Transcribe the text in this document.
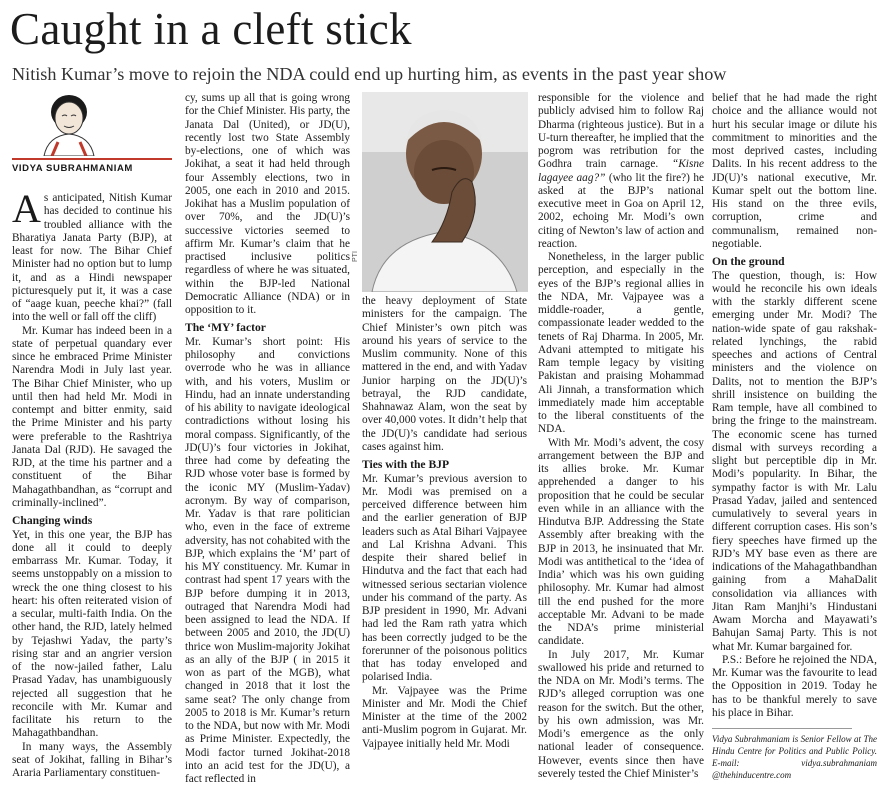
Caught in a cleft stick
Nitish Kumar’s move to rejoin the NDA could end up hurting him, as events in the past year show
VIDYA SUBRAHMANIAM

As anticipated, Nitish Kumar has decided to continue his troubled alliance with the Bharatiya Janata Party (BJP), at least for now. The Bihar Chief Minister had no option but to lump it, and as a Hindi newspaper picturesquely put it, it was a case of “aage kuan, peeche khai?” (fall into the well or fall off the cliff)

Mr. Kumar has indeed been in a state of perpetual quandary ever since he embraced Prime Minister Narendra Modi in July last year. The Bihar Chief Minister, who up until then had held Mr. Modi in contempt and bitter enmity, said the Prime Minister and his party were preferable to the Rashtriya Janata Dal (RJD). He savaged the RJD, at the time his partner and a constituent of the Bihar Mahagathbandhan, as “corrupt and criminally-inclined”.

Changing winds

Yet, in this one year, the BJP has done all it could to deeply embarrass Mr. Kumar. Today, it seems unstoppably on a mission to wreck the one thing closest to his heart: his often reiterated vision of a secular, multi-faith India. On the other hand, the RJD, lately helmed by Tejashwi Yadav, the party’s rising star and an angrier version of the now-jailed father, Lalu Prasad Yadav, has unambiguously rejected all suggestion that he reconcile with Mr. Kumar and facilitate his return to the Mahagathbandhan.

In many ways, the Assembly seat of Jokihat, falling in Bihar’s Araria Parliamentary constituen-

cy, sums up all that is going wrong for the Chief Minister. His party, the Janata Dal (United), or JD(U), recently lost two State Assembly by-elections, one of which was Jokihat, a seat it had held through four Assembly elections, two in 2005, one each in 2010 and 2015. Jokihat has a Muslim population of over 70%, and the JD(U)’s successive victories seemed to affirm Mr. Kumar’s claim that he practised inclusive politics regardless of where he was situated, within the BJP-led National Democratic Alliance (NDA) or in opposition to it.

The ‘MY’ factor

Mr. Kumar’s short point: His philosophy and convictions overrode who he was in alliance with, and his voters, Muslim or Hindu, had an innate understanding of his ability to navigate ideological contradictions without losing his moral compass. Significantly, of the JD(U)’s four victories in Jokihat, three had come by defeating the RJD whose voter base is formed by the iconic MY (Muslim-Yadav) acronym. By way of comparison, Mr. Yadav is that rare politician who, even in the face of extreme adversity, has not cohabited with the BJP, which explains the ‘M’ part of his MY constituency. Mr. Kumar in contrast had spent 17 years with the BJP before dumping it in 2013, outraged that Narendra Modi had been assigned to lead the NDA. If between 2005 and 2010, the JD(U) thrice won Muslim-majority Jokihat as an ally of the BJP ( in 2015 it won as part of the MGB), what changed in 2018 that it lost the same seat? The only change from 2005 to 2018 is Mr. Kumar’s return to the NDA, but now with Mr. Modi as Prime Minister. Expectedly, the Modi factor turned Jokihat-2018 into an acid test for the JD(U), a fact reflected in

PTI

the heavy deployment of State ministers for the campaign. The Chief Minister’s own pitch was around his years of service to the Muslim community. None of this mattered in the end, and with Yadav Junior harping on the JD(U)’s betrayal, the RJD candidate, Shahnawaz Alam, won the seat by over 40,000 votes. It didn’t help that the JD(U)’s candidate had serious cases against him.

Ties with the BJP

Mr. Kumar’s previous aversion to Mr. Modi was premised on a perceived difference between him and the earlier generation of BJP leaders such as Atal Bihari Vajpayee and Lal Krishna Advani. This despite their shared belief in Hindutva and the fact that each had witnessed serious sectarian violence under his command of the party. As BJP president in 1990, Mr. Advani had led the Ram rath yatra which has been correctly judged to be the forerunner of the poisonous politics that has today enveloped and polarised India.

Mr. Vajpayee was the Prime Minister and Mr. Modi the Chief Minister at the time of the 2002 anti-Muslim pogrom in Gujarat. Mr. Vajpayee initially held Mr. Modi

responsible for the violence and publicly advised him to follow Raj Dharma (righteous justice). But in a U-turn thereafter, he implied that the pogrom was retribution for the Godhra train carnage. “Kisne lagayee aag?” (who lit the fire?) he asked at the BJP’s national executive meet in Goa on April 12, 2002, echoing Mr. Modi’s own citing of Newton’s law of action and reaction.

Nonetheless, in the larger public perception, and especially in the eyes of the BJP’s regional allies in the NDA, Mr. Vajpayee was a middle-roader, a gentle, compassionate leader wedded to the tenets of Raj Dharma. In 2005, Mr. Advani attempted to mitigate his Ram temple legacy by visiting Pakistan and praising Mohammad Ali Jinnah, a transformation which immediately made him acceptable to the liberal constituents of the NDA.

With Mr. Modi’s advent, the cosy arrangement between the BJP and its allies broke. Mr. Kumar apprehended a danger to his proposition that he could be secular even while in an alliance with the Hindutva BJP. Addressing the State Assembly after breaking with the BJP in 2013, he insinuated that Mr. Modi was antithetical to the ‘idea of India’ which was his own guiding philosophy. Mr. Kumar had almost till the end pushed for the more acceptable Mr. Advani to be made the NDA’s prime ministerial candidate.

In July 2017, Mr. Kumar swallowed his pride and returned to the NDA on Mr. Modi’s terms. The RJD’s alleged corruption was one reason for the switch. But the other, by his own admission, was Mr. Modi’s emergence as the only national leader of consequence. However, events since then have severely tested the Chief Minister’s

belief that he had made the right choice and the alliance would not hurt his secular image or dilute his commitment to minorities and the most deprived castes, including Dalits. In his recent address to the JD(U)’s national executive, Mr. Kumar spelt out the bottom line. His stand on the three evils, corruption, crime and communalism, remained non-negotiable.

On the ground

The question, though, is: How would he reconcile his own ideals with the starkly different scene emerging under Mr. Modi? The nation-wide spate of gau rakshak-related lynchings, the rabid speeches and actions of Central ministers and the violence on Dalits, not to mention the BJP’s shrill insistence on building the Ram temple, have all combined to bring the fringe to the mainstream. The economic scene has turned dismal with surveys recording a slight but perceptible dip in Mr. Modi’s popularity. In Bihar, the sympathy factor is with Mr. Lalu Prasad Yadav, jailed and sentenced cumulatively to several years in different corruption cases. His son’s fiery speeches have firmed up the RJD’s MY base even as there are indications of the Mahagathbandhan gaining from a MahaDalit consolidation via alliances with Jitan Ram Manjhi’s Hindustani Awam Morcha and Mayawati’s Bahujan Samaj Party. This is not what Mr. Kumar bargained for.

P.S.: Before he rejoined the NDA, Mr. Kumar was the favourite to lead the Opposition in 2019. Today he has to be thankful merely to save his place in Bihar.

Vidya Subrahmaniam is Senior Fellow at The Hindu Centre for Politics and Public Policy. E-mail: vidya.subrahmaniam @thehinducentre.com
